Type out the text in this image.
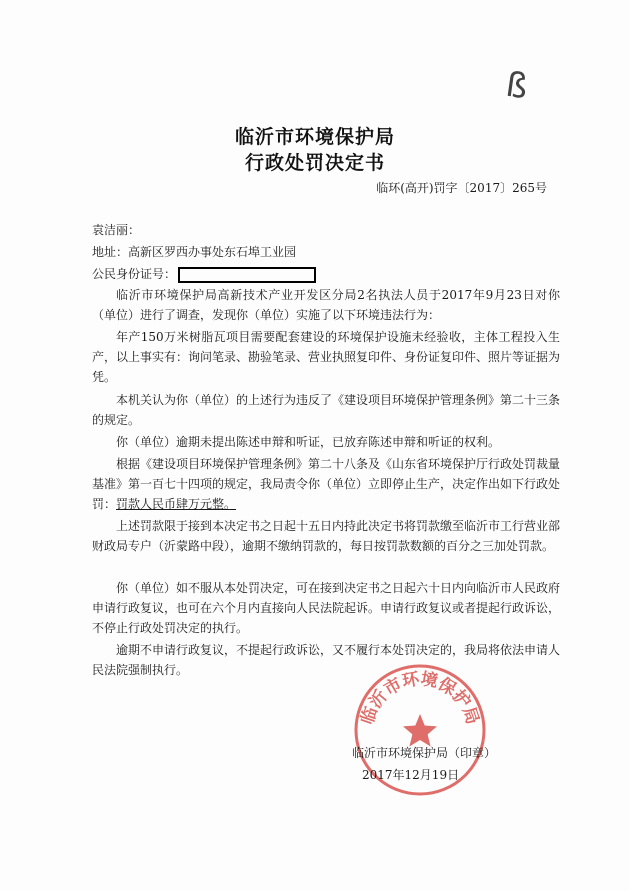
ß
临沂市环境保护局
行政处罚决定书
临环(高开)罚字〔2017〕265号
袁洁丽：
地址：高新区罗西办事处东石埠工业园
公民身份证号：
临沂市环境保护局高新技术产业开发区分局2名执法人员于2017年9月23日对你（单位）进行了调查，发现你（单位）实施了以下环境违法行为：
年产150万米树脂瓦项目需要配套建设的环境保护设施未经验收，主体工程投入生产，以上事实有：询问笔录、勘验笔录、营业执照复印件、身份证复印件、照片等证据为凭。
本机关认为你（单位）的上述行为违反了《建设项目环境保护管理条例》第二十三条的规定。
你（单位）逾期未提出陈述申辩和听证，已放弃陈述申辩和听证的权利。
根据《建设项目环境保护管理条例》第二十八条及《山东省环境保护厅行政处罚裁量基准》第一百七十四项的规定，我局责令你（单位）立即停止生产，决定作出如下行政处罚：罚款人民币肆万元整。
上述罚款限于接到本决定书之日起十五日内持此决定书将罚款缴至临沂市工行营业部财政局专户（沂蒙路中段），逾期不缴纳罚款的，每日按罚款数额的百分之三加处罚款。
你（单位）如不服从本处罚决定，可在接到决定书之日起六十日内向临沂市人民政府申请行政复议，也可在六个月内直接向人民法院起诉。申请行政复议或者提起行政诉讼，不停止行政处罚决定的执行。
逾期不申请行政复议，不提起行政诉讼，又不履行本处罚决定的，我局将依法申请人民法院强制执行。
临沂市环境保护局
临沂市环境保护局（印章）
2017年12月19日
